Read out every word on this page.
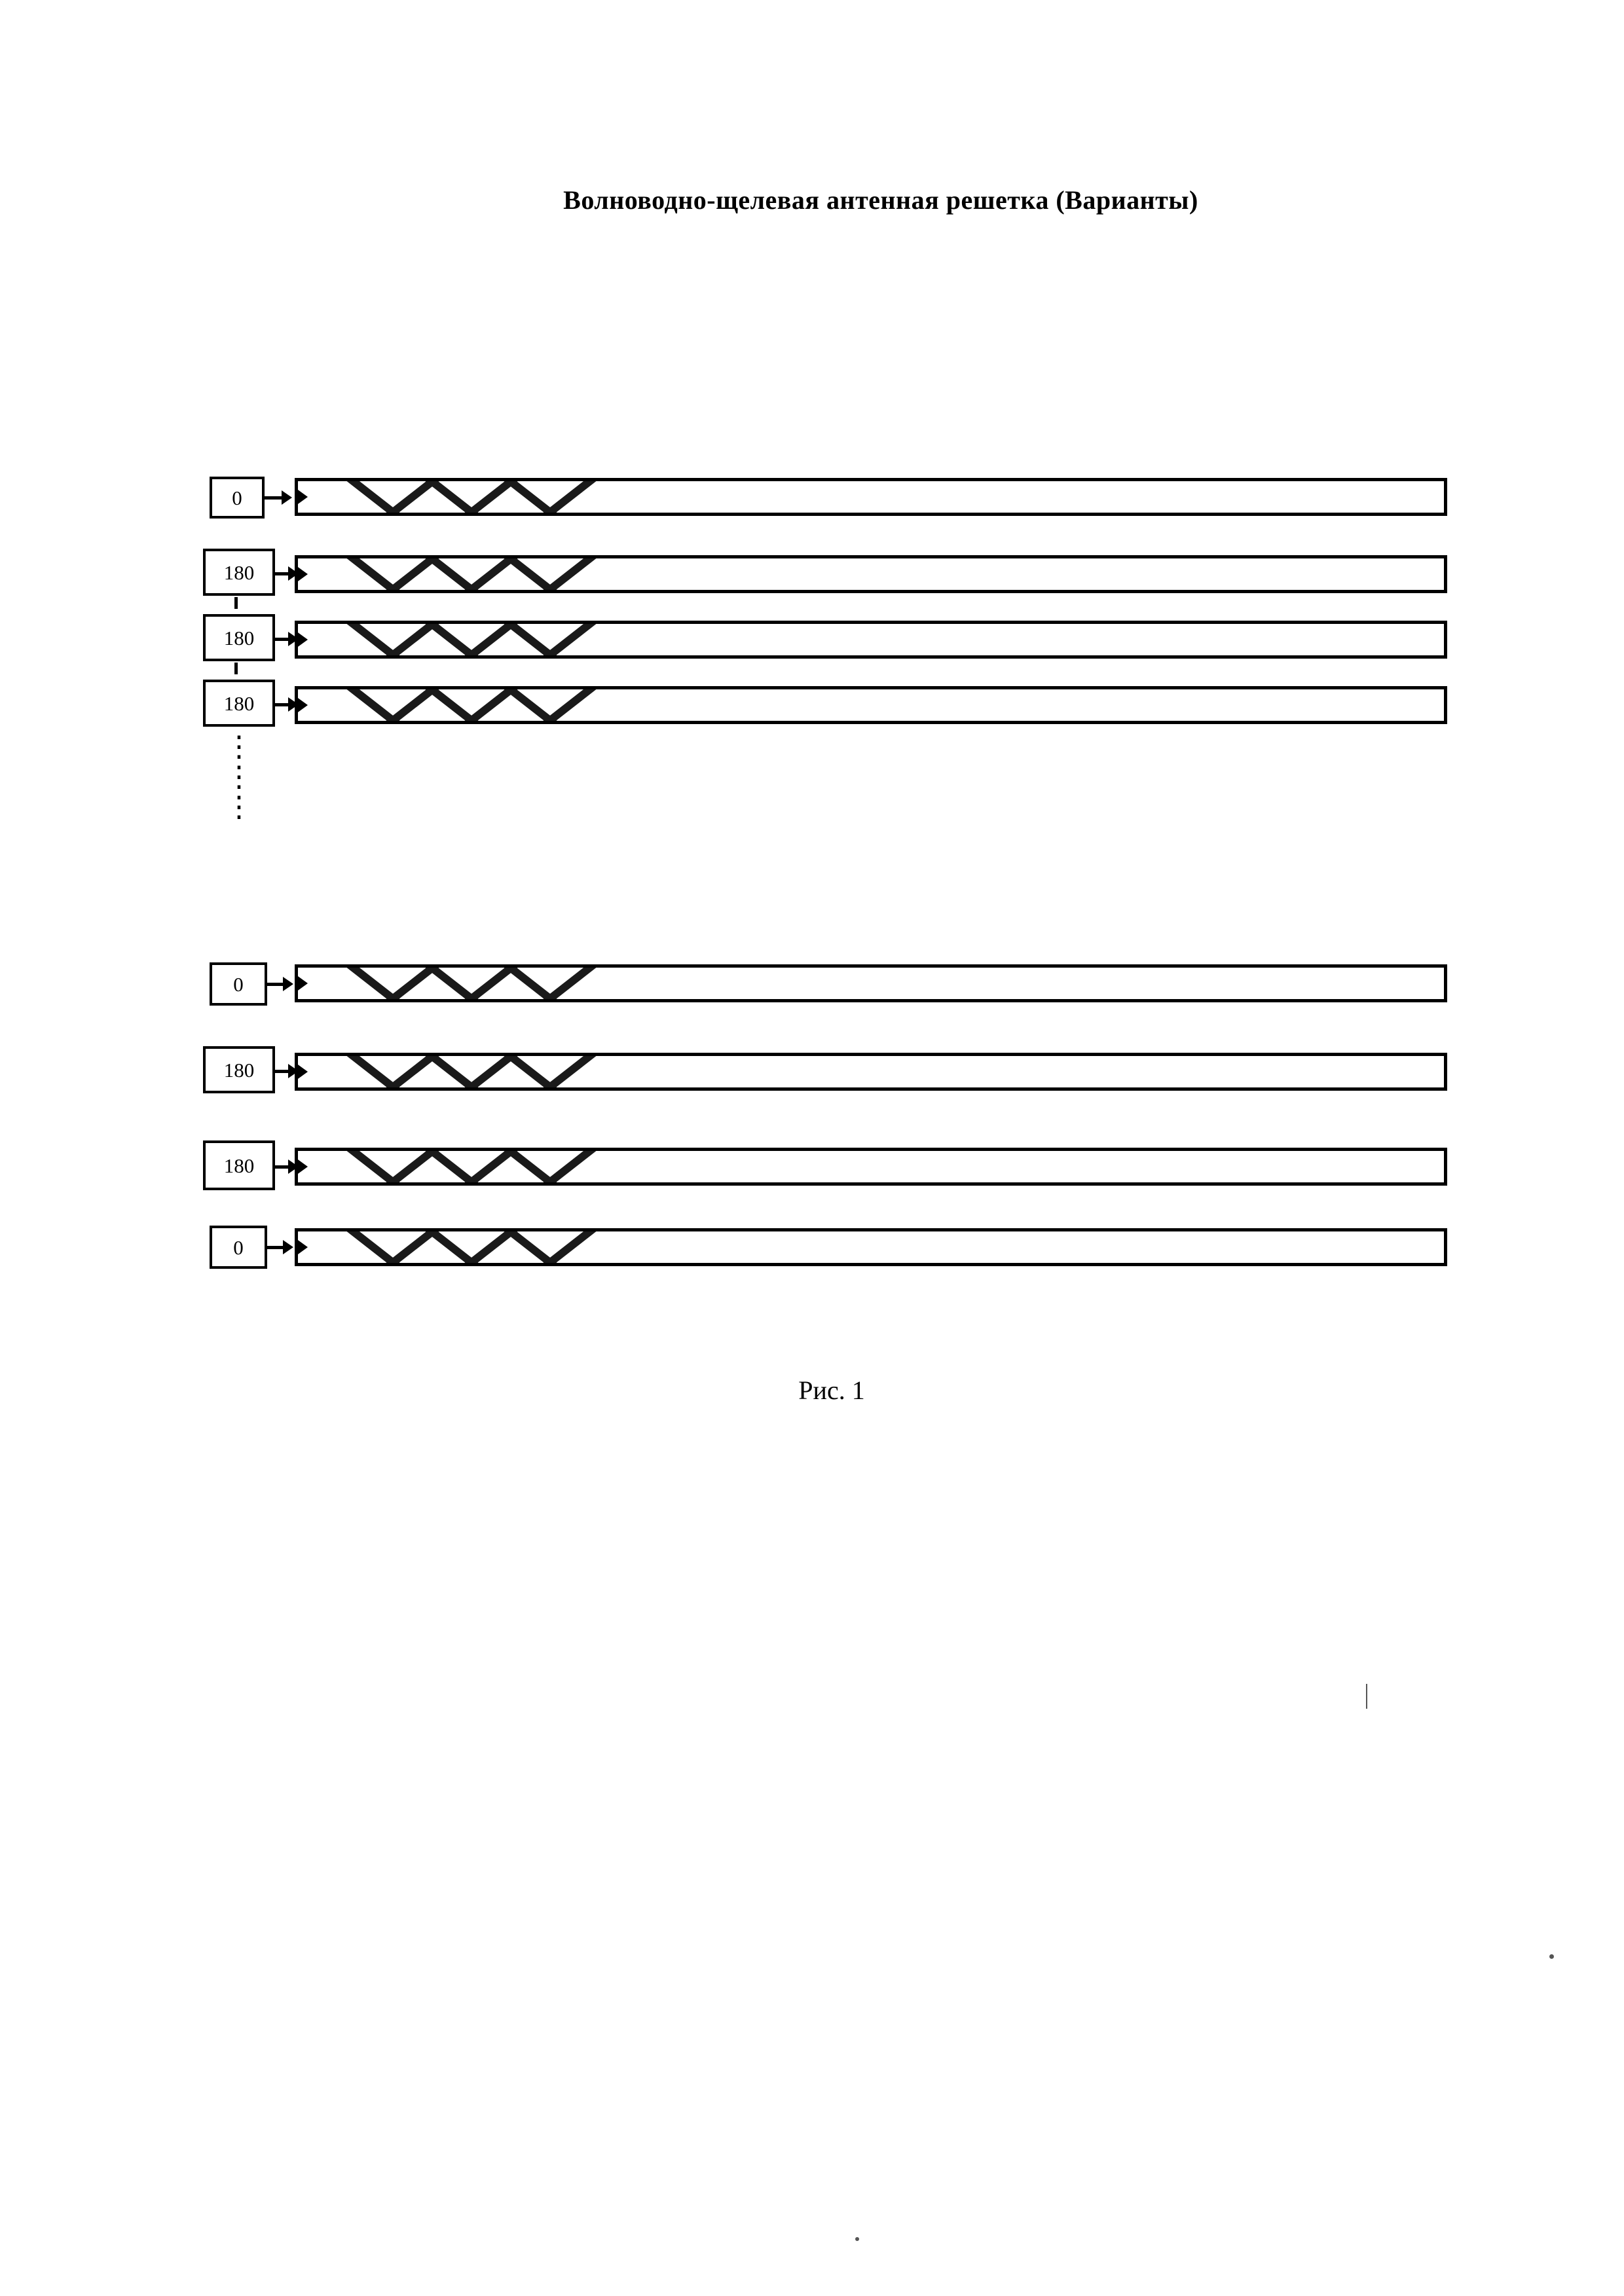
Волноводно-щелевая антенная решетка (Варианты)
0
180
180
180
⋮
⋮
⋮
0
180
180
0
Рис. 1
